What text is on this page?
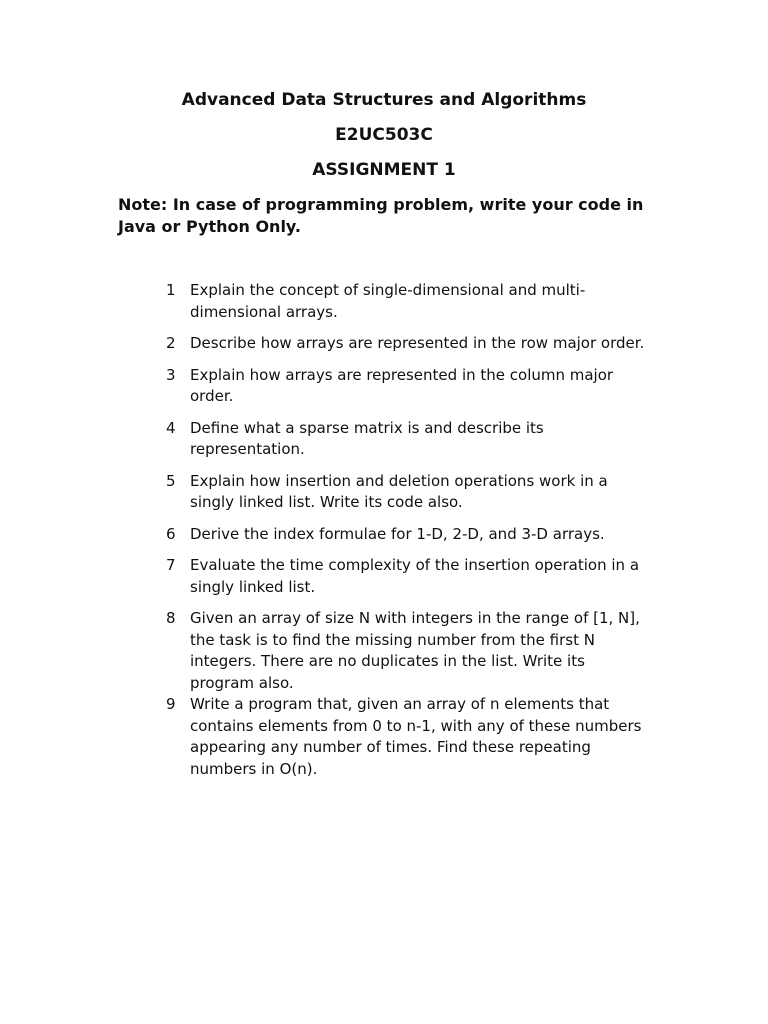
Advanced Data Structures and Algorithms
E2UC503C
ASSIGNMENT 1
Note: In case of programming problem, write your code in Java or Python Only.
1 Explain the concept of single-dimensional and multi-dimensional arrays.
2 Describe how arrays are represented in the row major order.
3 Explain how arrays are represented in the column major order.
4 Define what a sparse matrix is and describe its representation.
5 Explain how insertion and deletion operations work in a singly linked list. Write its code also.
6 Derive the index formulae for 1-D, 2-D, and 3-D arrays.
7 Evaluate the time complexity of the insertion operation in a singly linked list.
8 Given an array of size N with integers in the range of [1, N], the task is to find the missing number from the first N integers. There are no duplicates in the list. Write its program also.
9 Write a program that, given an array of n elements that contains elements from 0 to n-1, with any of these numbers appearing any number of times. Find these repeating numbers in O(n).
